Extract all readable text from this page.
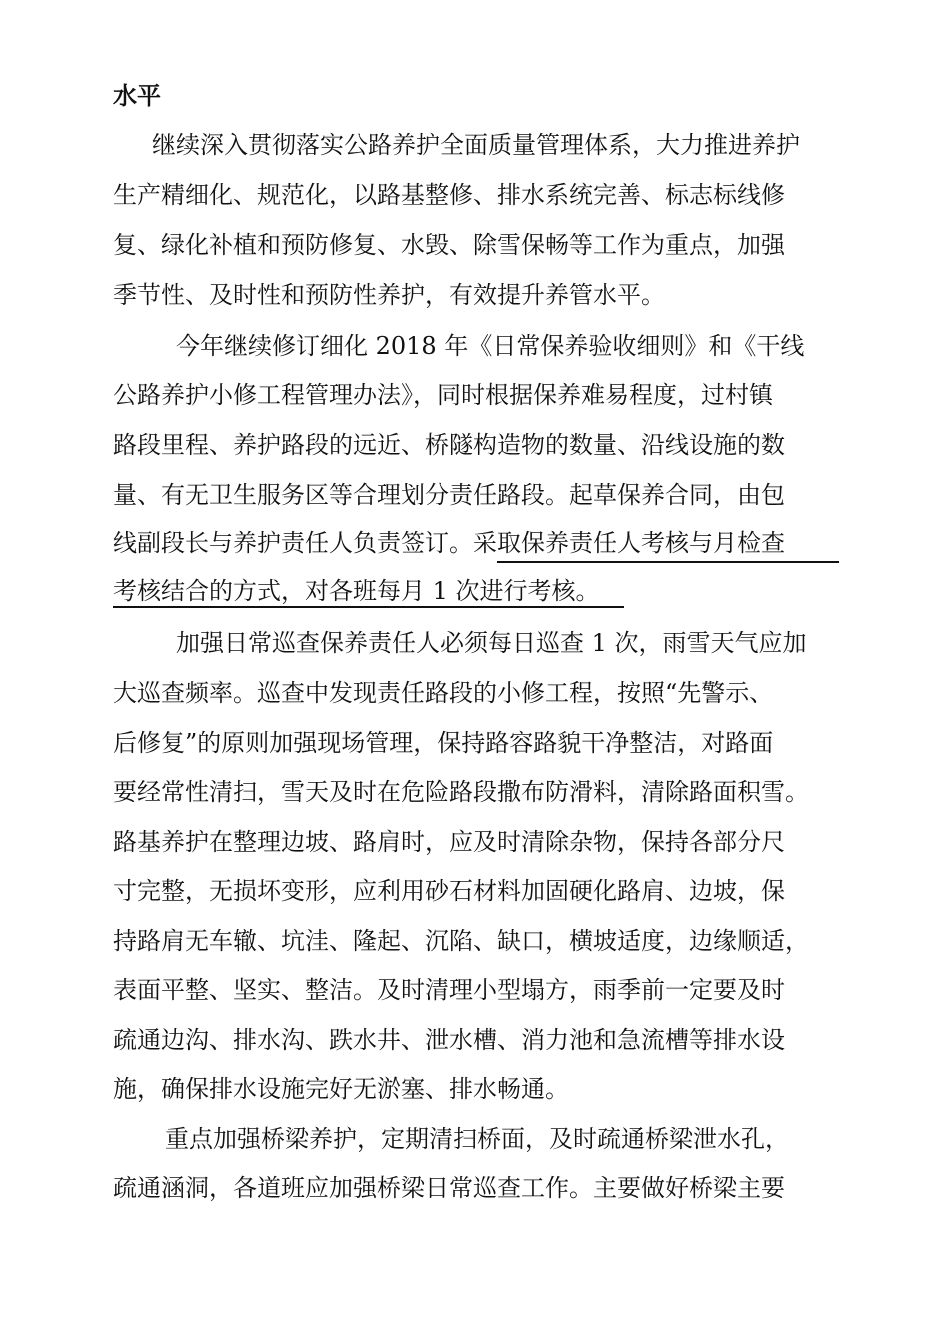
水平

继续深入贯彻落实公路养护全面质量管理体系，大力推进养护

生产精细化、规范化，以路基整修、排水系统完善、标志标线修

复、绿化补植和预防修复、水毁、除雪保畅等工作为重点，加强

季节性、及时性和预防性养护，有效提升养管水平。

今年继续修订细化 2018 年《日常保养验收细则》和《干线

公路养护小修工程管理办法》，同时根据保养难易程度，过村镇

路段里程、养护路段的远近、桥隧构造物的数量、沿线设施的数

量、有无卫生服务区等合理划分责任路段。起草保养合同，由包

线副段长与养护责任人负责签订。采取保养责任人考核与月检查

考核结合的方式，对各班每月 1 次进行考核。

加强日常巡查保养责任人必须每日巡查 1 次，雨雪天气应加

大巡查频率。巡查中发现责任路段的小修工程，按照“先警示、

后修复”的原则加强现场管理，保持路容路貌干净整洁，对路面

要经常性清扫，雪天及时在危险路段撒布防滑料，清除路面积雪。

路基养护在整理边坡、路肩时，应及时清除杂物，保持各部分尺

寸完整，无损坏变形，应利用砂石材料加固硬化路肩、边坡，保

持路肩无车辙、坑洼、隆起、沉陷、缺口，横坡适度，边缘顺适，

表面平整、坚实、整洁。及时清理小型塌方，雨季前一定要及时

疏通边沟、排水沟、跌水井、泄水槽、消力池和急流槽等排水设

施，确保排水设施完好无淤塞、排水畅通。

重点加强桥梁养护，定期清扫桥面，及时疏通桥梁泄水孔，

疏通涵洞，各道班应加强桥梁日常巡查工作。主要做好桥梁主要
